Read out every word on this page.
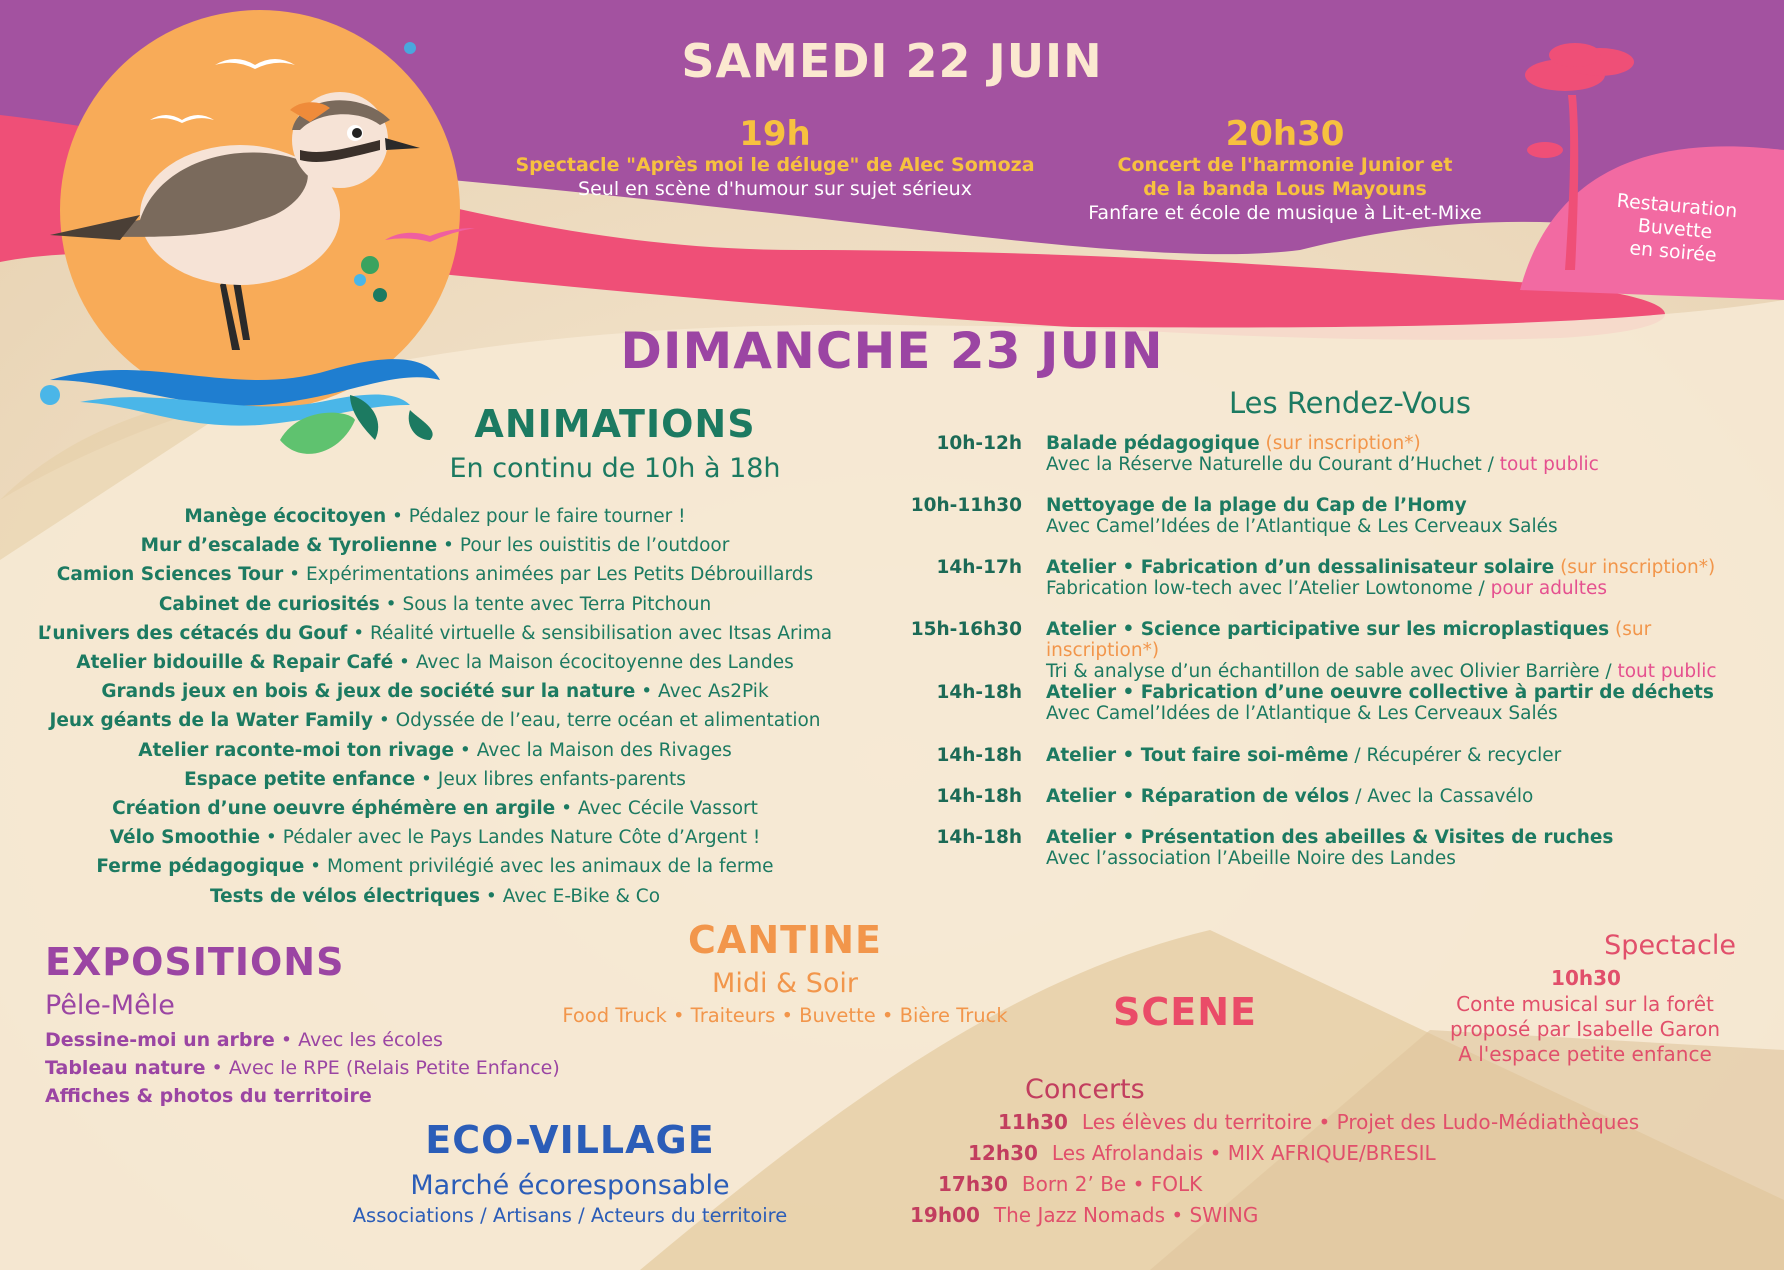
SAMEDI 22 JUIN
19h
Spectacle "Après moi le déluge" de Alec Somoza
Seul en scène d'humour sur sujet sérieux
20h30
Concert de l'harmonie Junior et
de la banda Lous Mayouns
Fanfare et école de musique à Lit-et-Mixe	Restauration
Buvette
en soirée
DIMANCHE 23 JUIN
ANIMATIONS
En continu de 10h à 18h
Manège écocitoyen • Pédalez pour le faire tourner !
Mur d’escalade & Tyrolienne • Pour les ouistitis de l’outdoor
Camion Sciences Tour • Expérimentations animées par Les Petits Débrouillards
Cabinet de curiosités • Sous la tente avec Terra Pitchoun
L’univers des cétacés du Gouf • Réalité virtuelle & sensibilisation avec Itsas Arima
Atelier bidouille & Repair Café • Avec la Maison écocitoyenne des Landes
Grands jeux en bois & jeux de société sur la nature • Avec As2Pik
Jeux géants de la Water Family • Odyssée de l’eau, terre océan et alimentation
Atelier raconte-moi ton rivage • Avec la Maison des Rivages
Espace petite enfance • Jeux libres enfants-parents
Création d’une oeuvre éphémère en argile • Avec Cécile Vassort
Vélo Smoothie • Pédaler avec le Pays Landes Nature Côte d’Argent !
Ferme pédagogique • Moment privilégié avec les animaux de la ferme
Tests de vélos électriques • Avec E-Bike & Co
Les Rendez-Vous
10h-12h Balade pédagogique (sur inscription*)
Avec la Réserve Naturelle du Courant d’Huchet / tout public
10h-11h30 Nettoyage de la plage du Cap de l’Homy
Avec Camel’Idées de l’Atlantique & Les Cerveaux Salés
14h-17h Atelier • Fabrication d’un dessalinisateur solaire (sur inscription*)
Fabrication low-tech avec l’Atelier Lowtonome / pour adultes
15h-16h30 Atelier • Science participative sur les microplastiques (sur inscription*)
Tri & analyse d’un échantillon de sable avec Olivier Barrière / tout public
14h-18h Atelier • Fabrication d’une oeuvre collective à partir de déchets
Avec Camel’Idées de l’Atlantique & Les Cerveaux Salés
14h-18h Atelier • Tout faire soi-même / Récupérer & recycler
14h-18h Atelier • Réparation de vélos / Avec la Cassavélo
14h-18h Atelier • Présentation des abeilles & Visites de ruches
Avec l’association l’Abeille Noire des Landes
EXPOSITIONS
Pêle-Mêle
Dessine-moi un arbre • Avec les écoles
Tableau nature • Avec le RPE (Relais Petite Enfance)
Affiches & photos du territoire
CANTINE
Midi & Soir
Food Truck • Traiteurs • Buvette • Bière Truck
ECO-VILLAGE
Marché écoresponsable
Associations / Artisans / Acteurs du territoire
SCENE
Concerts
11h30 Les élèves du territoire • Projet des Ludo-Médiathèques
12h30 Les Afrolandais • MIX AFRIQUE/BRESIL
17h30 Born 2’ Be • FOLK
19h00 The Jazz Nomads • SWING
Spectacle
10h30
Conte musical sur la forêt
proposé par Isabelle Garon
A l'espace petite enfance
